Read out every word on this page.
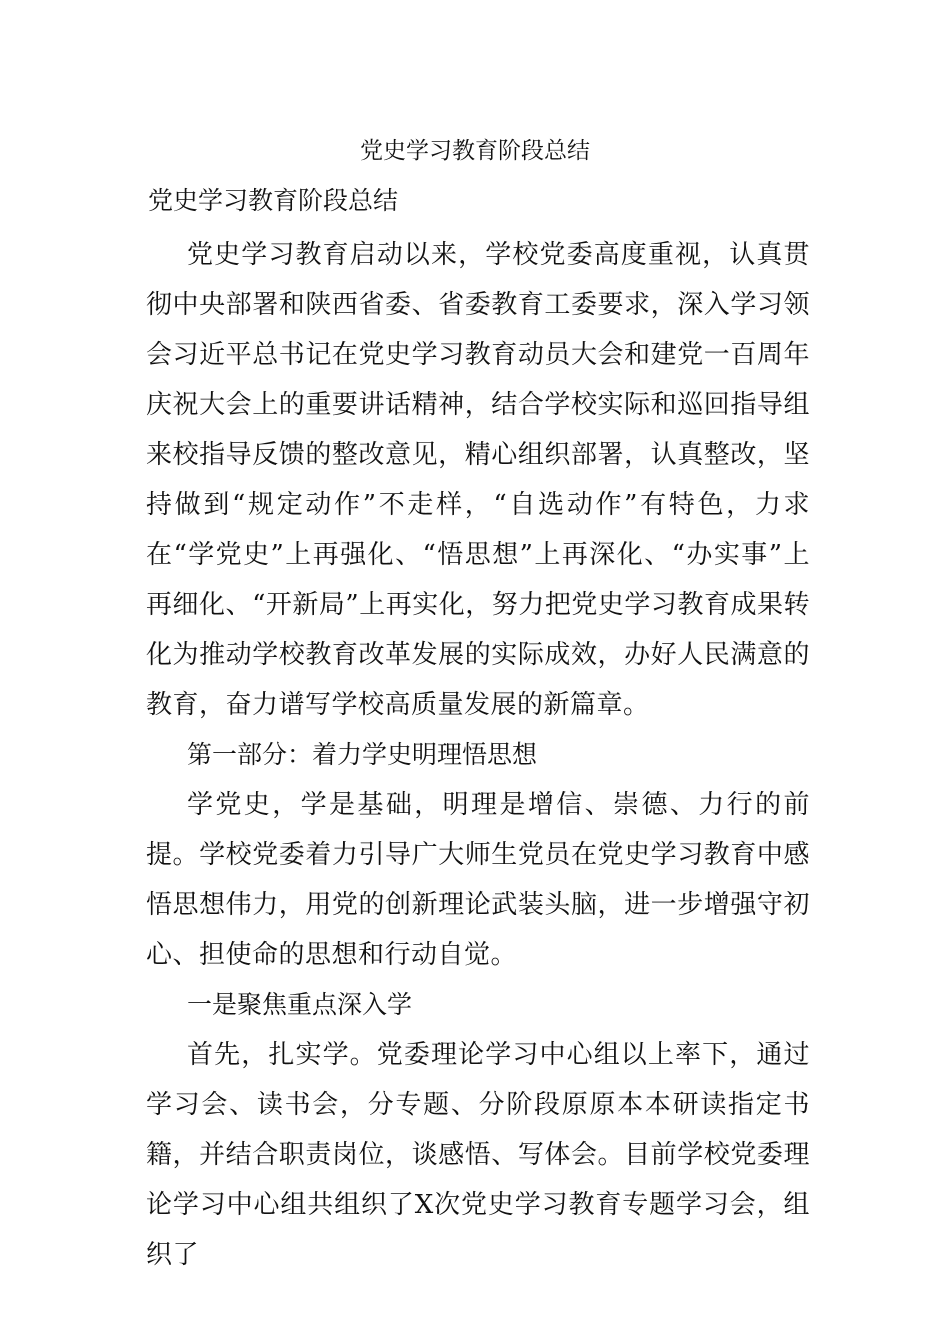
党史学习教育阶段总结
党史学习教育阶段总结

党史学习教育启动以来，学校党委高度重视，认真贯彻中央部署和陕西省委、省委教育工委要求，深入学习领会习近平总书记在党史学习教育动员大会和建党一百周年庆祝大会上的重要讲话精神，结合学校实际和巡回指导组来校指导反馈的整改意见，精心组织部署，认真整改，坚持做到“规定动作”不走样，“自选动作”有特色，力求在“学党史”上再强化、“悟思想”上再深化、“办实事”上再细化、“开新局”上再实化，努力把党史学习教育成果转化为推动学校教育改革发展的实际成效，办好人民满意的教育，奋力谱写学校高质量发展的新篇章。

第一部分：着力学史明理悟思想

学党史，学是基础，明理是增信、崇德、力行的前提。学校党委着力引导广大师生党员在党史学习教育中感悟思想伟力，用党的创新理论武装头脑，进一步增强守初心、担使命的思想和行动自觉。

一是聚焦重点深入学

首先，扎实学。党委理论学习中心组以上率下，通过学习会、读书会，分专题、分阶段原原本本研读指定书籍，并结合职责岗位，谈感悟、写体会。目前学校党委理论学习中心组共组织了X次党史学习教育专题学习会，组织了
